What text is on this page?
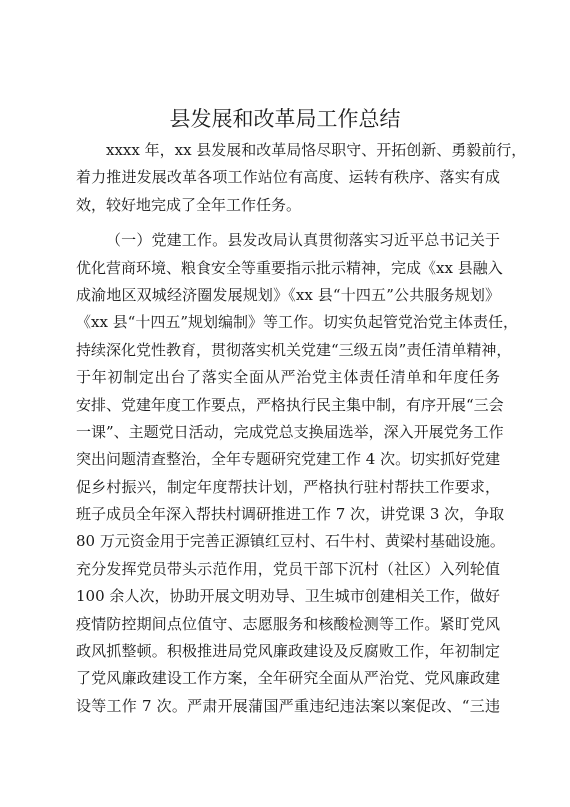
县发展和改革局工作总结
xxxx 年，xx 县发展和改革局恪尽职守、开拓创新、勇毅前行，
着力推进发展改革各项工作站位有高度、运转有秩序、落实有成
效，较好地完成了全年工作任务。
（一）党建工作。县发改局认真贯彻落实习近平总书记关于
优化营商环境、粮食安全等重要指示批示精神，完成《xx 县融入
成渝地区双城经济圈发展规划》《xx 县“十四五”公共服务规划》
《xx 县“十四五”规划编制》等工作。切实负起管党治党主体责任，
持续深化党性教育，贯彻落实机关党建“三级五岗”责任清单精神，
于年初制定出台了落实全面从严治党主体责任清单和年度任务
安排、党建年度工作要点，严格执行民主集中制，有序开展“三会
一课”、主题党日活动，完成党总支换届选举，深入开展党务工作
突出问题清查整治，全年专题研究党建工作 4 次。切实抓好党建
促乡村振兴，制定年度帮扶计划，严格执行驻村帮扶工作要求，
班子成员全年深入帮扶村调研推进工作 7 次，讲党课 3 次，争取
80 万元资金用于完善正源镇红豆村、石牛村、黄梁村基础设施。
充分发挥党员带头示范作用，党员干部下沉村（社区）入列轮值
100 余人次，协助开展文明劝导、卫生城市创建相关工作，做好
疫情防控期间点位值守、志愿服务和核酸检测等工作。紧盯党风
政风抓整顿。积极推进局党风廉政建设及反腐败工作，年初制定
了党风廉政建设工作方案，全年研究全面从严治党、党风廉政建
设等工作 7 次。严肃开展蒲国严重违纪违法案以案促改、“三违
